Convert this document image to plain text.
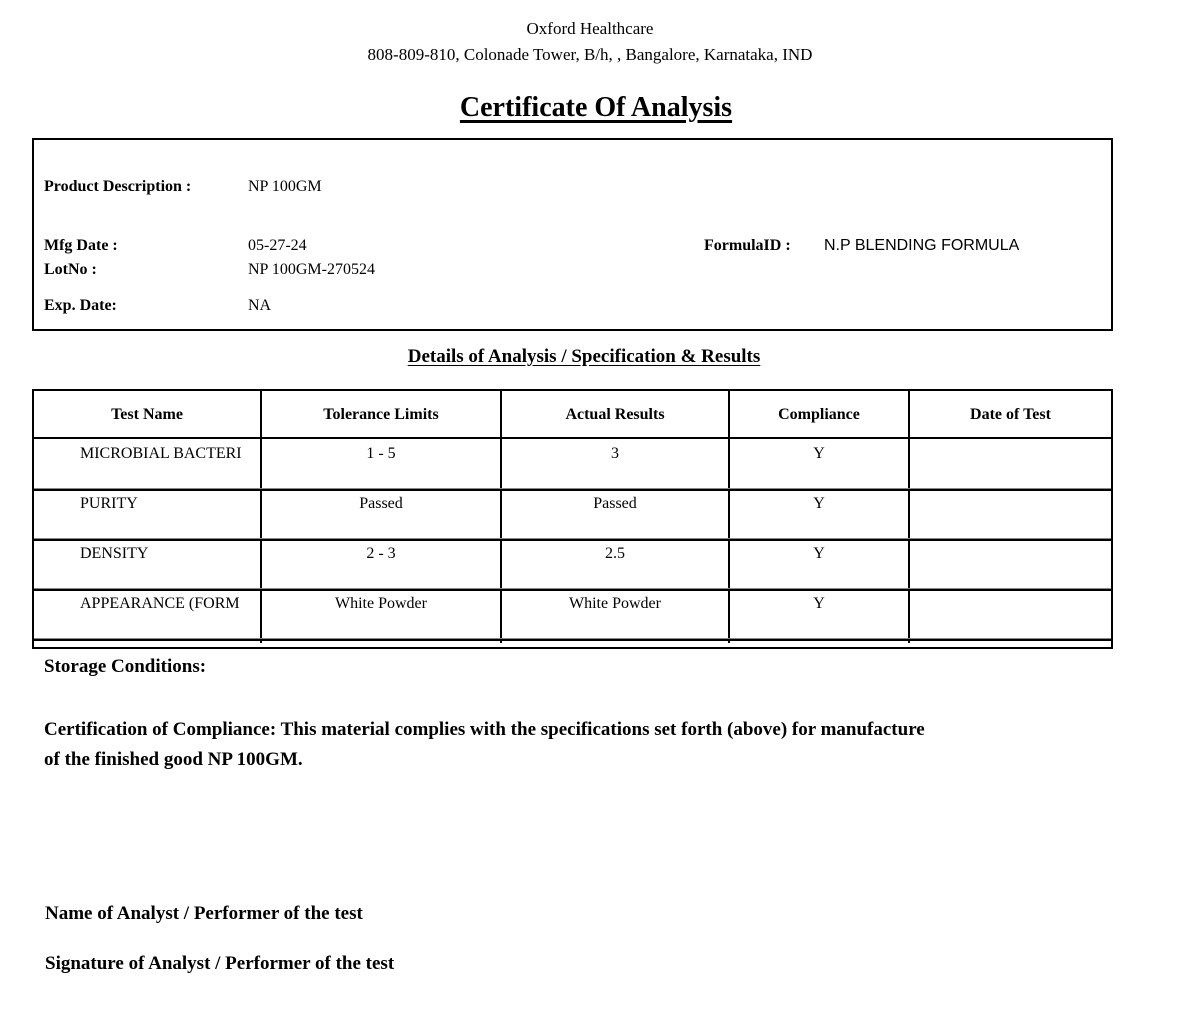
Oxford Healthcare
808-809-810, Colonade Tower, B/h, , Bangalore, Karnataka, IND
Certificate Of Analysis
Product Description :	NP 100GM
Mfg Date :	05-27-24
LotNo :	NP 100GM-270524
Exp. Date:	NA
FormulaID : N.P BLENDING FORMULA
Details of Analysis / Specification & Results
Test Name	Tolerance Limits	Actual Results	Compliance	Date of Test
MICROBIAL BACTERI	1 - 5	3	Y
PURITY	Passed	Passed	Y
DENSITY	2 - 3	2.5	Y
APPEARANCE (FORM	White Powder	White Powder	Y
Storage Conditions:
Certification of Compliance: This material complies with the specifications set forth (above) for manufacture of the finished good NP 100GM.
Name of Analyst / Performer of the test
Signature of Analyst / Performer of the test
